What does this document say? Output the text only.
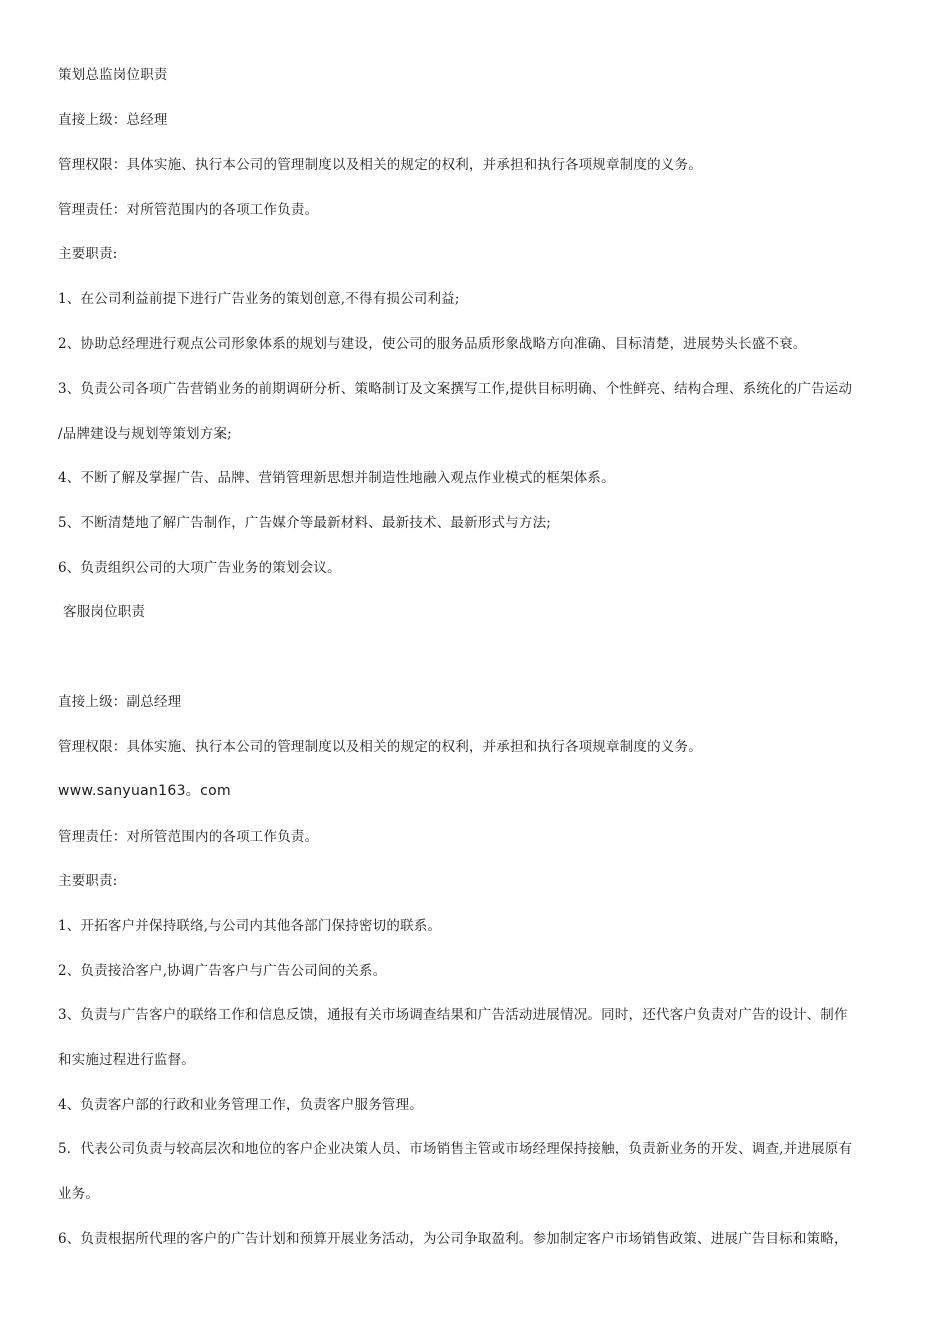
策划总监岗位职责
直接上级：总经理
管理权限：具体实施、执行本公司的管理制度以及相关的规定的权利，并承担和执行各项规章制度的义务。
管理责任：对所管范围内的各项工作负责。
主要职责:
1、在公司利益前提下进行广告业务的策划创意,不得有损公司利益;
2、协助总经理进行观点公司形象体系的规划与建设，使公司的服务品质形象战略方向准确、目标清楚，进展势头长盛不衰。
3、负责公司各项广告营销业务的前期调研分析、策略制订及文案撰写工作,提供目标明确、个性鲜亮、结构合理、系统化的广告运动
/品牌建设与规划等策划方案;
4、不断了解及掌握广告、品牌、营销管理新思想并制造性地融入观点作业模式的框架体系。
5、不断清楚地了解广告制作，广告媒介等最新材料、最新技术、最新形式与方法;
6、负责组织公司的大项广告业务的策划会议。
客服岗位职责
直接上级：副总经理
管理权限：具体实施、执行本公司的管理制度以及相关的规定的权利，并承担和执行各项规章制度的义务。
www.sanyuan163。com
管理责任：对所管范围内的各项工作负责。
主要职责:
1、开拓客户并保持联络,与公司内其他各部门保持密切的联系。
2、负责接洽客户,协调广告客户与广告公司间的关系。
3、负责与广告客户的联络工作和信息反馈，通报有关市场调查结果和广告活动进展情况。同时，还代客户负责对广告的设计、制作
和实施过程进行监督。
4、负责客户部的行政和业务管理工作，负责客户服务管理。
5．代表公司负责与较高层次和地位的客户企业决策人员、市场销售主管或市场经理保持接触，负责新业务的开发、调查,并进展原有
业务。
6、负责根据所代理的客户的广告计划和预算开展业务活动，为公司争取盈利。参加制定客户市场销售政策、进展广告目标和策略，
